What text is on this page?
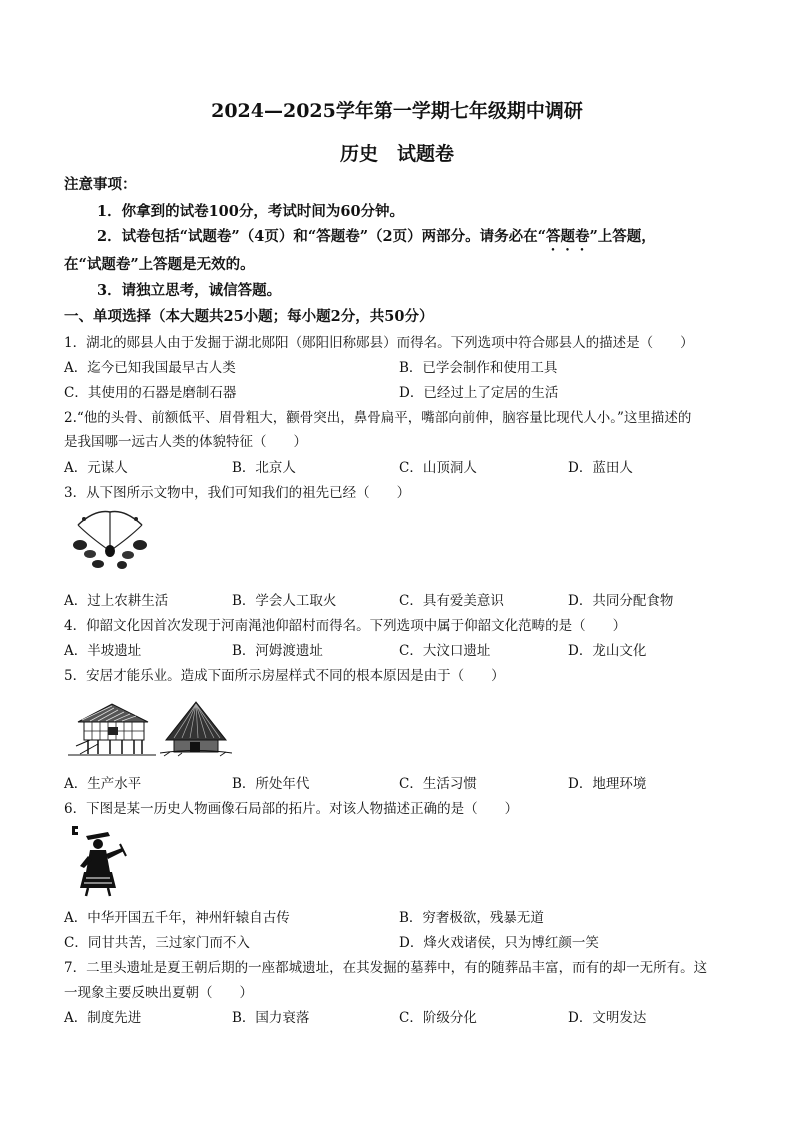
2024—2025学年第一学期七年级期中调研
历史　试题卷
注意事项：
1．你拿到的试卷100分，考试时间为60分钟。
2．试卷包括“试题卷”（4页）和“答题卷”（2页）两部分。请务必在“答题卷”上答题，
在“试题卷”上答题是无效的。
3．请独立思考，诚信答题。
一、单项选择（本大题共25小题；每小题2分，共50分）
1．湖北的郧县人由于发掘于湖北郧阳（郧阳旧称郧县）而得名。下列选项中符合郧县人的描述是（　　）
A．迄今已知我国最早古人类	B．已学会制作和使用工具
C．其使用的石器是磨制石器	D．已经过上了定居的生活
2.“他的头骨、前额低平、眉骨粗大，颧骨突出，鼻骨扁平，嘴部向前伸，脑容量比现代人小。”这里描述的
是我国哪一远古人类的体貌特征（　　）
A．元谋人	B．北京人	C．山顶洞人	D．蓝田人
3．从下图所示文物中，我们可知我们的祖先已经（　　）
A．过上农耕生活	B．学会人工取火	C．具有爱美意识	D．共同分配食物
4．仰韶文化因首次发现于河南渑池仰韶村而得名。下列选项中属于仰韶文化范畴的是（　　）
A．半坡遗址	B．河姆渡遗址	C．大汶口遗址	D．龙山文化
5．安居才能乐业。造成下面所示房屋样式不同的根本原因是由于（　　）
A．生产水平	B．所处年代	C．生活习惯	D．地理环境
6．下图是某一历史人物画像石局部的拓片。对该人物描述正确的是（　　）
A．中华开国五千年，神州轩辕自古传	B．穷奢极欲，残暴无道
C．同甘共苦，三过家门而不入	D．烽火戏诸侯，只为博红颜一笑
7．二里头遗址是夏王朝后期的一座都城遗址，在其发掘的墓葬中，有的随葬品丰富，而有的却一无所有。这
一现象主要反映出夏朝（　　）
A．制度先进	B．国力衰落	C．阶级分化	D．文明发达
